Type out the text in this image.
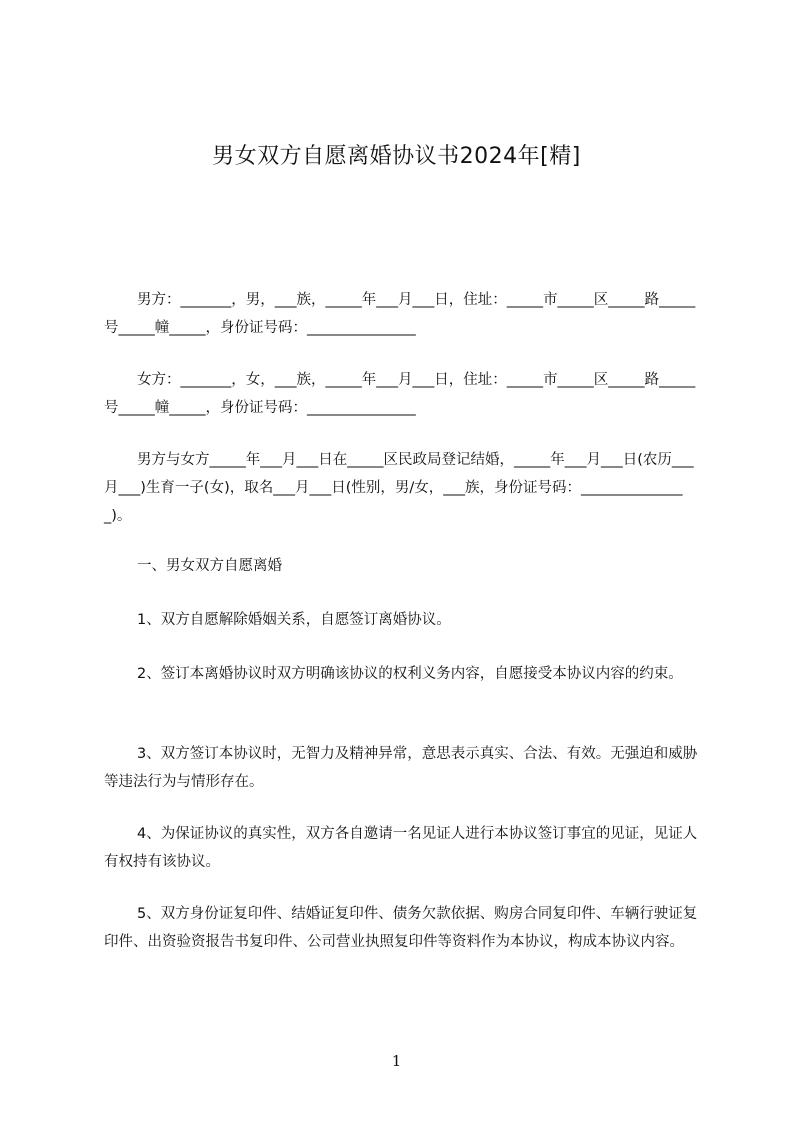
男女双方自愿离婚协议书2024年[精]

男方：_______，男，___族，_____年___月___日，住址：_____市_____区_____路_____号_____幢_____，身份证号码：_______________

女方：_______，女，___族，_____年___月___日，住址：_____市_____区_____路_____号_____幢_____，身份证号码：_______________

男方与女方_____年___月___日在_____区民政局登记结婚，_____年___月___日(农历___月___)生育一子(女)，取名___月___日(性别，男/女，___族，身份证号码：_______________)。

一、男女双方自愿离婚

1、双方自愿解除婚姻关系，自愿签订离婚协议。

2、签订本离婚协议时双方明确该协议的权利义务内容，自愿接受本协议内容的约束。

3、双方签订本协议时，无智力及精神异常，意思表示真实、合法、有效。无强迫和威胁等违法行为与情形存在。

4、为保证协议的真实性，双方各自邀请一名见证人进行本协议签订事宜的见证，见证人有权持有该协议。

5、双方身份证复印件、结婚证复印件、债务欠款依据、购房合同复印件、车辆行驶证复印件、出资验资报告书复印件、公司营业执照复印件等资料作为本协议，构成本协议内容。

1
